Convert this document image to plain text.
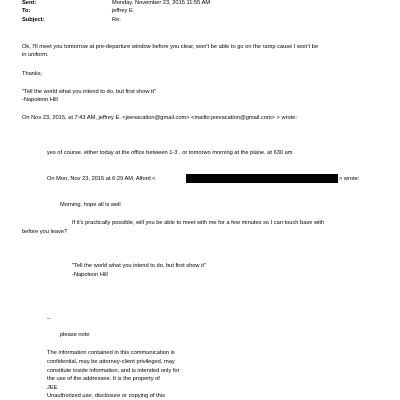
Sent:	Monday, November 23, 2015 11:55 AM
To:	jeffrey E.
Subject:	Re:
Ok, I'll meet you tomorrow at pre-departure window before you clear, won't be able to go on the ramp cause I won't be
in uniform.
Thanks,
"Tell the world what you intend to do, but first show it"
-Napoleon Hill
On Nov 23, 2015, at 7:43 AM, jeffrey E. <jeevacation@gmail.com> <mailto:jeevacation@gmail.com> > wrote:
yes of course. either today at the office between 1-3 . or tomorwo morning at the plane. at 630 am
On Mon, Nov 23, 2015 at 6:29 AM, Alford <	> wrote:
Morning, hope all is well
If it's practically possible, will you be able to meet with me for a few minutes so I can touch base with
before you leave?
"Tell the world what you intend to do, but first show it"
-Napoleon Hill
--
please note
The information contained in this communication is
confidential, may be attorney-client privileged, may
constitute inside information, and is intended only for
the use of the addressee. It is the property of
JEE
Unauthorized use, disclosure or copying of this
